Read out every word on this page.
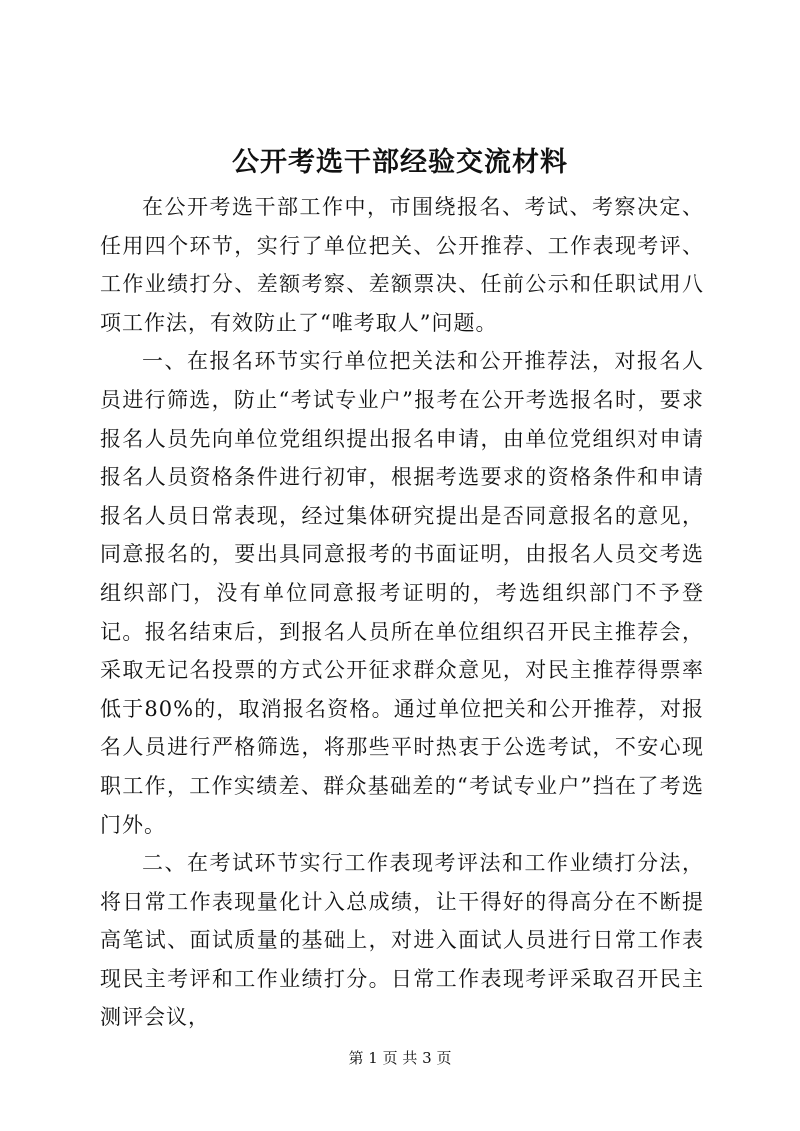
公开考选干部经验交流材料

在公开考选干部工作中，市围绕报名、考试、考察决定、任用四个环节，实行了单位把关、公开推荐、工作表现考评、工作业绩打分、差额考察、差额票决、任前公示和任职试用八项工作法，有效防止了“唯考取人”问题。

一、在报名环节实行单位把关法和公开推荐法，对报名人员进行筛选，防止“考试专业户”报考在公开考选报名时，要求报名人员先向单位党组织提出报名申请，由单位党组织对申请报名人员资格条件进行初审，根据考选要求的资格条件和申请报名人员日常表现，经过集体研究提出是否同意报名的意见，同意报名的，要出具同意报考的书面证明，由报名人员交考选组织部门，没有单位同意报考证明的，考选组织部门不予登记。报名结束后，到报名人员所在单位组织召开民主推荐会，采取无记名投票的方式公开征求群众意见，对民主推荐得票率低于80%的，取消报名资格。通过单位把关和公开推荐，对报名人员进行严格筛选，将那些平时热衷于公选考试，不安心现职工作，工作实绩差、群众基础差的“考试专业户”挡在了考选门外。

二、在考试环节实行工作表现考评法和工作业绩打分法，将日常工作表现量化计入总成绩，让干得好的得高分在不断提高笔试、面试质量的基础上，对进入面试人员进行日常工作表现民主考评和工作业绩打分。日常工作表现考评采取召开民主测评会议，

第 1 页 共 3 页
